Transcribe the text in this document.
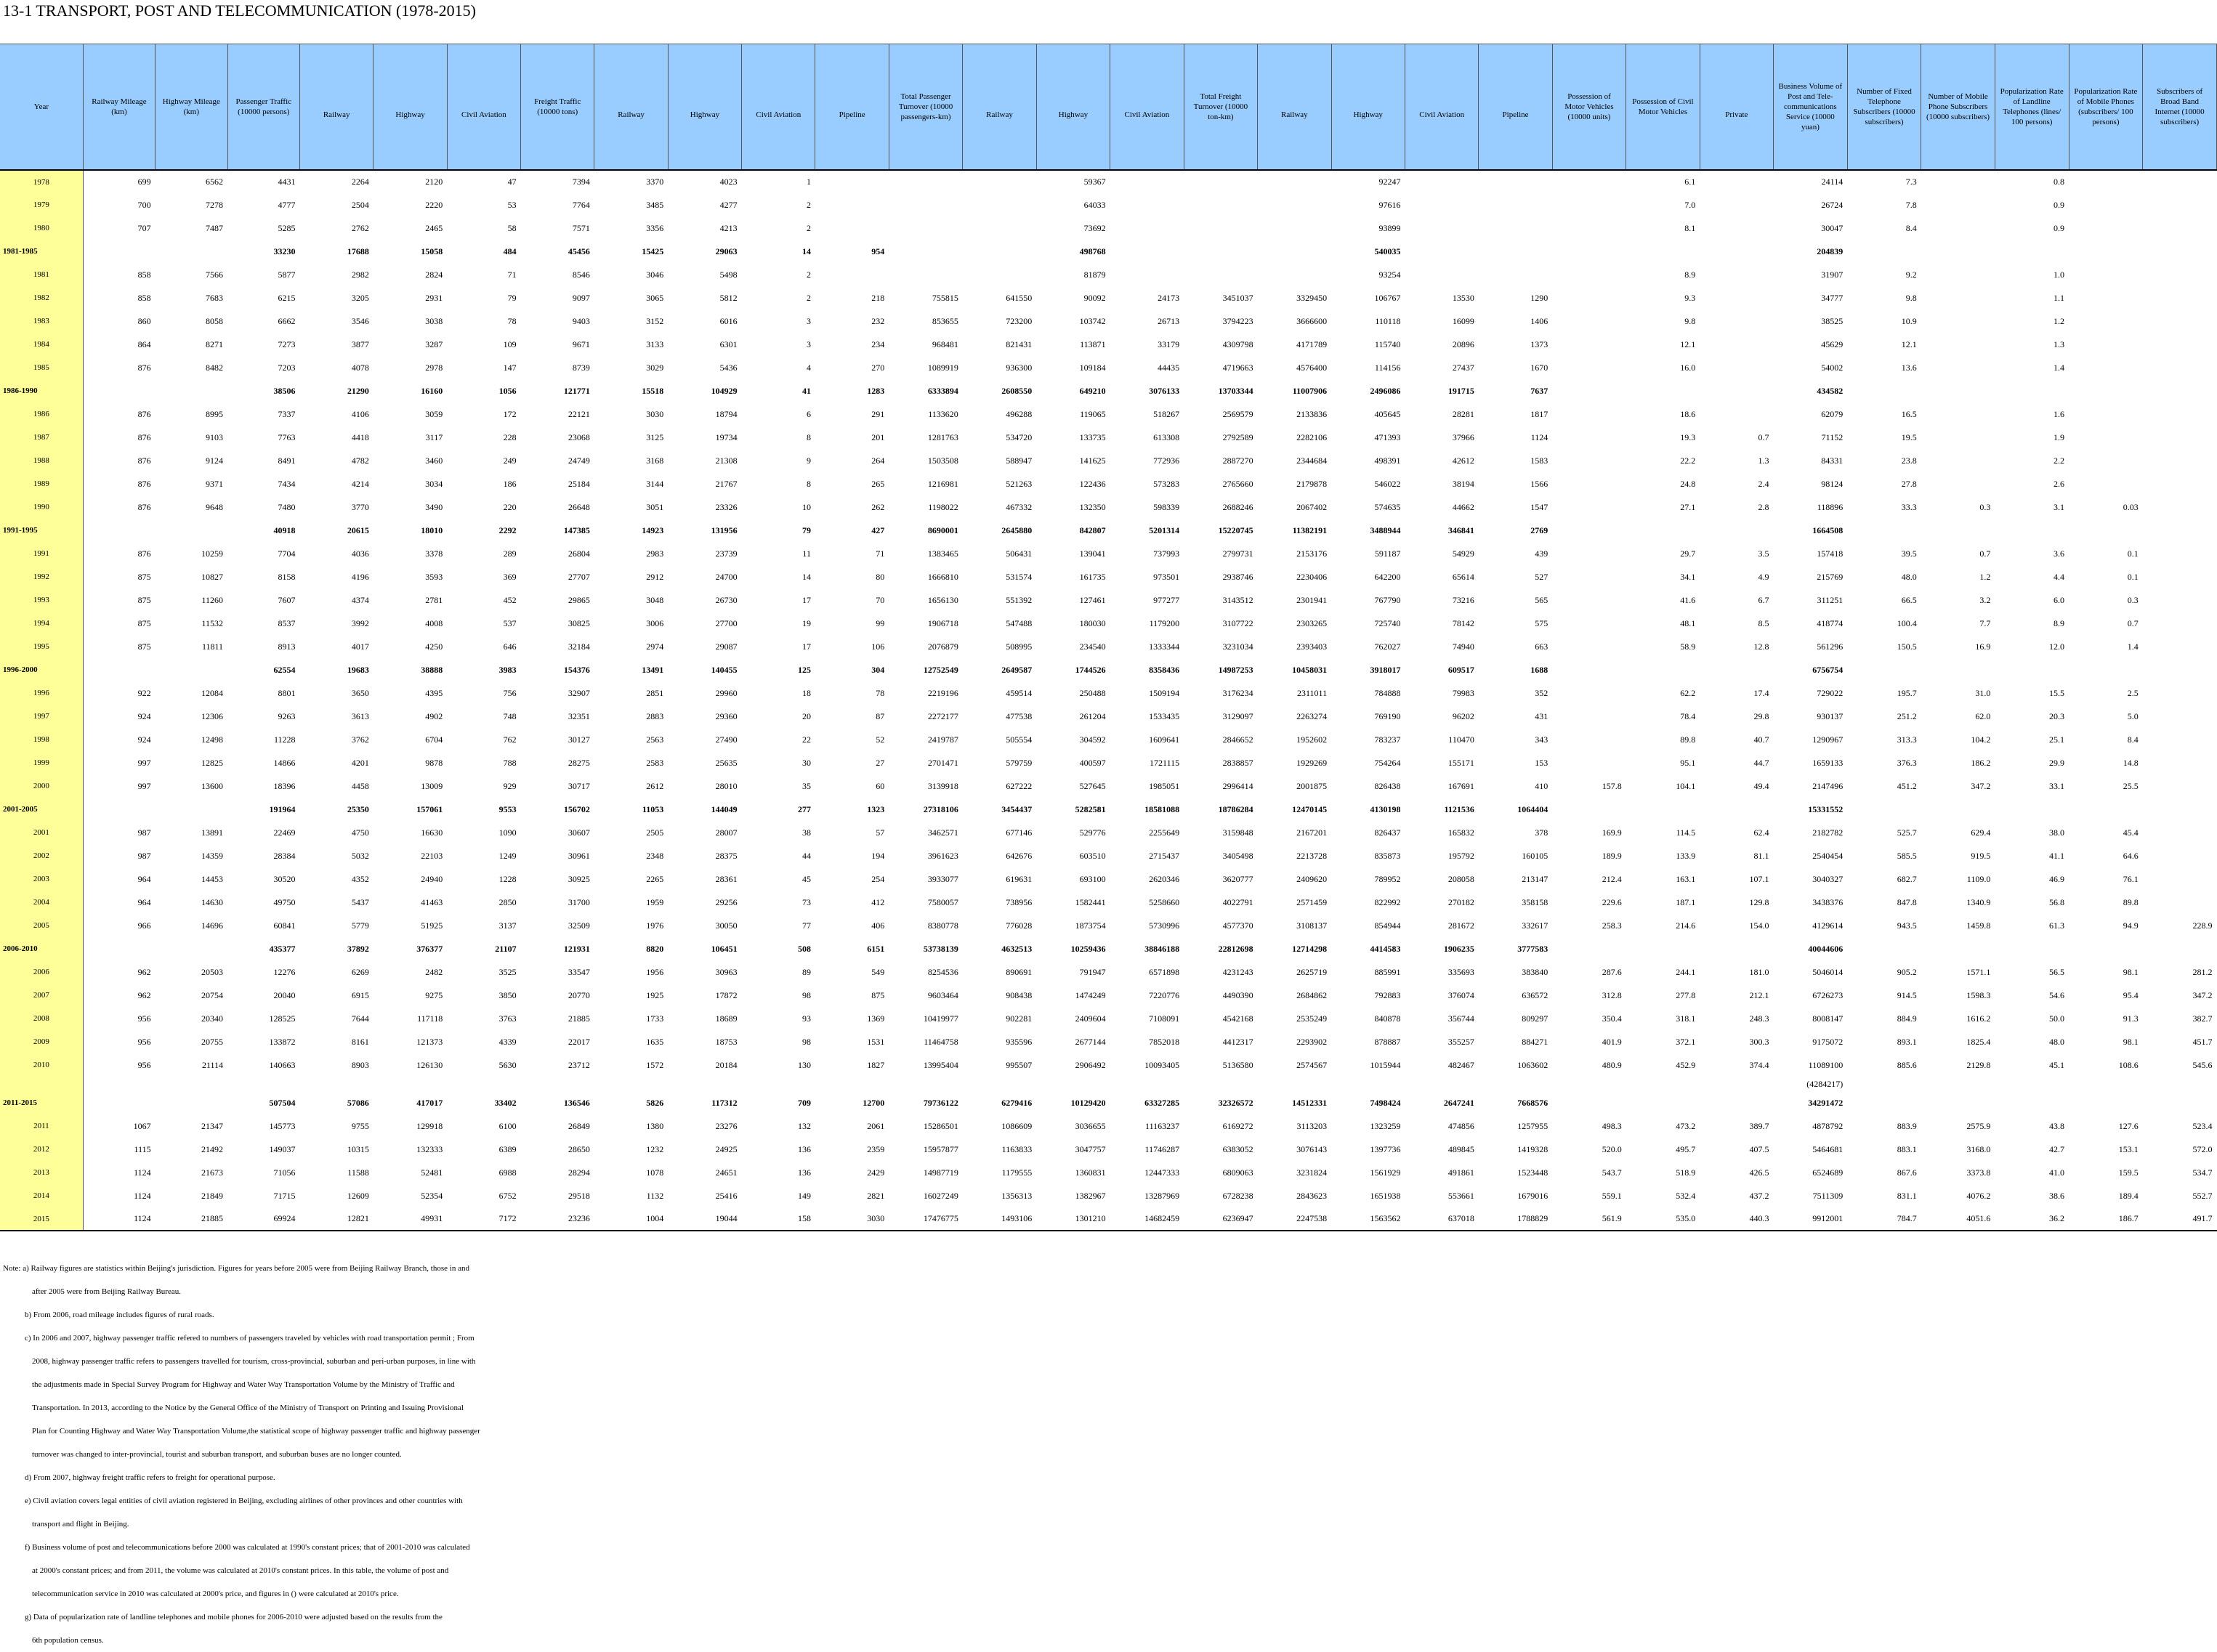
13-1 TRANSPORT, POST AND TELECOMMUNICATION (1978-2015)
Year	Railway Mileage (km)	Highway Mileage (km)	Passenger Traffic (10000 persons)				Freight Traffic (10000 tons)					Total Passenger Turnover (10000 passengers-km)				Total Freight Turnover (10000 ton-km)					Possession of Motor Vehicles (10000 units)	Possession of Civil Motor Vehicles		Business Volume of Post and Tele-communications Service (10000 yuan)	Number of Fixed Telephone Subscribers (10000 subscribers)	Number of Mobile Phone Subscribers (10000 subscribers)	Popularization Rate of Landline Telephones (lines/ 100 persons)	Popularization Rate of Mobile Phones (subscribers/ 100 persons)	Subscribers of Broad Band Internet (10000 subscribers)
				Railway	Highway	Civil Aviation		Railway	Highway	Civil Aviation	Pipeline		Railway	Highway	Civil Aviation		Railway	Highway	Civil Aviation	Pipeline			Private						
1978	699	6562	4431	2264	2120	47	7394	3370	4023	1				59367				92247				6.1		24114	7.3		0.8		
1979	700	7278	4777	2504	2220	53	7764	3485	4277	2				64033				97616				7.0		26724	7.8		0.9		
1980	707	7487	5285	2762	2465	58	7571	3356	4213	2				73692				93899				8.1		30047	8.4		0.9		
1981-1985			33230	17688	15058	484	45456	15425	29063	14	954			498768				540035						204839					
1981	858	7566	5877	2982	2824	71	8546	3046	5498	2				81879				93254				8.9		31907	9.2		1.0		
1982	858	7683	6215	3205	2931	79	9097	3065	5812	2	218	755815	641550	90092	24173	3451037	3329450	106767	13530	1290		9.3		34777	9.8		1.1		
1983	860	8058	6662	3546	3038	78	9403	3152	6016	3	232	853655	723200	103742	26713	3794223	3666600	110118	16099	1406		9.8		38525	10.9		1.2		
1984	864	8271	7273	3877	3287	109	9671	3133	6301	3	234	968481	821431	113871	33179	4309798	4171789	115740	20896	1373		12.1		45629	12.1		1.3		
1985	876	8482	7203	4078	2978	147	8739	3029	5436	4	270	1089919	936300	109184	44435	4719663	4576400	114156	27437	1670		16.0		54002	13.6		1.4		
1986-1990			38506	21290	16160	1056	121771	15518	104929	41	1283	6333894	2608550	649210	3076133	13703344	11007906	2496086	191715	7637				434582					
1986	876	8995	7337	4106	3059	172	22121	3030	18794	6	291	1133620	496288	119065	518267	2569579	2133836	405645	28281	1817		18.6		62079	16.5		1.6		
1987	876	9103	7763	4418	3117	228	23068	3125	19734	8	201	1281763	534720	133735	613308	2792589	2282106	471393	37966	1124		19.3	0.7	71152	19.5		1.9		
1988	876	9124	8491	4782	3460	249	24749	3168	21308	9	264	1503508	588947	141625	772936	2887270	2344684	498391	42612	1583		22.2	1.3	84331	23.8		2.2		
1989	876	9371	7434	4214	3034	186	25184	3144	21767	8	265	1216981	521263	122436	573283	2765660	2179878	546022	38194	1566		24.8	2.4	98124	27.8		2.6		
1990	876	9648	7480	3770	3490	220	26648	3051	23326	10	262	1198022	467332	132350	598339	2688246	2067402	574635	44662	1547		27.1	2.8	118896	33.3	0.3	3.1	0.03	
1991-1995			40918	20615	18010	2292	147385	14923	131956	79	427	8690001	2645880	842807	5201314	15220745	11382191	3488944	346841	2769				1664508					
1991	876	10259	7704	4036	3378	289	26804	2983	23739	11	71	1383465	506431	139041	737993	2799731	2153176	591187	54929	439		29.7	3.5	157418	39.5	0.7	3.6	0.1	
1992	875	10827	8158	4196	3593	369	27707	2912	24700	14	80	1666810	531574	161735	973501	2938746	2230406	642200	65614	527		34.1	4.9	215769	48.0	1.2	4.4	0.1	
1993	875	11260	7607	4374	2781	452	29865	3048	26730	17	70	1656130	551392	127461	977277	3143512	2301941	767790	73216	565		41.6	6.7	311251	66.5	3.2	6.0	0.3	
1994	875	11532	8537	3992	4008	537	30825	3006	27700	19	99	1906718	547488	180030	1179200	3107722	2303265	725740	78142	575		48.1	8.5	418774	100.4	7.7	8.9	0.7	
1995	875	11811	8913	4017	4250	646	32184	2974	29087	17	106	2076879	508995	234540	1333344	3231034	2393403	762027	74940	663		58.9	12.8	561296	150.5	16.9	12.0	1.4	
1996-2000			62554	19683	38888	3983	154376	13491	140455	125	304	12752549	2649587	1744526	8358436	14987253	10458031	3918017	609517	1688				6756754					
1996	922	12084	8801	3650	4395	756	32907	2851	29960	18	78	2219196	459514	250488	1509194	3176234	2311011	784888	79983	352		62.2	17.4	729022	195.7	31.0	15.5	2.5	
1997	924	12306	9263	3613	4902	748	32351	2883	29360	20	87	2272177	477538	261204	1533435	3129097	2263274	769190	96202	431		78.4	29.8	930137	251.2	62.0	20.3	5.0	
1998	924	12498	11228	3762	6704	762	30127	2563	27490	22	52	2419787	505554	304592	1609641	2846652	1952602	783237	110470	343		89.8	40.7	1290967	313.3	104.2	25.1	8.4	
1999	997	12825	14866	4201	9878	788	28275	2583	25635	30	27	2701471	579759	400597	1721115	2838857	1929269	754264	155171	153		95.1	44.7	1659133	376.3	186.2	29.9	14.8	
2000	997	13600	18396	4458	13009	929	30717	2612	28010	35	60	3139918	627222	527645	1985051	2996414	2001875	826438	167691	410	157.8	104.1	49.4	2147496	451.2	347.2	33.1	25.5	
2001-2005			191964	25350	157061	9553	156702	11053	144049	277	1323	27318106	3454437	5282581	18581088	18786284	12470145	4130198	1121536	1064404				15331552					
2001	987	13891	22469	4750	16630	1090	30607	2505	28007	38	57	3462571	677146	529776	2255649	3159848	2167201	826437	165832	378	169.9	114.5	62.4	2182782	525.7	629.4	38.0	45.4	
2002	987	14359	28384	5032	22103	1249	30961	2348	28375	44	194	3961623	642676	603510	2715437	3405498	2213728	835873	195792	160105	189.9	133.9	81.1	2540454	585.5	919.5	41.1	64.6	
2003	964	14453	30520	4352	24940	1228	30925	2265	28361	45	254	3933077	619631	693100	2620346	3620777	2409620	789952	208058	213147	212.4	163.1	107.1	3040327	682.7	1109.0	46.9	76.1	
2004	964	14630	49750	5437	41463	2850	31700	1959	29256	73	412	7580057	738956	1582441	5258660	4022791	2571459	822992	270182	358158	229.6	187.1	129.8	3438376	847.8	1340.9	56.8	89.8	
2005	966	14696	60841	5779	51925	3137	32509	1976	30050	77	406	8380778	776028	1873754	5730996	4577370	3108137	854944	281672	332617	258.3	214.6	154.0	4129614	943.5	1459.8	61.3	94.9	228.9
2006-2010			435377	37892	376377	21107	121931	8820	106451	508	6151	53738139	4632513	10259436	38846188	22812698	12714298	4414583	1906235	3777583				40044606					
2006	962	20503	12276	6269	2482	3525	33547	1956	30963	89	549	8254536	890691	791947	6571898	4231243	2625719	885991	335693	383840	287.6	244.1	181.0	5046014	905.2	1571.1	56.5	98.1	281.2
2007	962	20754	20040	6915	9275	3850	20770	1925	17872	98	875	9603464	908438	1474249	7220776	4490390	2684862	792883	376074	636572	312.8	277.8	212.1	6726273	914.5	1598.3	54.6	95.4	347.2
2008	956	20340	128525	7644	117118	3763	21885	1733	18689	93	1369	10419977	902281	2409604	7108091	4542168	2535249	840878	356744	809297	350.4	318.1	248.3	8008147	884.9	1616.2	50.0	91.3	382.7
2009	956	20755	133872	8161	121373	4339	22017	1635	18753	98	1531	11464758	935596	2677144	7852018	4412317	2293902	878887	355257	884271	401.9	372.1	300.3	9175072	893.1	1825.4	48.0	98.1	451.7
2010	956	21114	140663	8903	126130	5630	23712	1572	20184	130	1827	13995404	995507	2906492	10093405	5136580	2574567	1015944	482467	1063602	480.9	452.9	374.4	11089100	885.6	2129.8	45.1	108.6	545.6
																								(4284217)					
2011-2015			507504	57086	417017	33402	136546	5826	117312	709	12700	79736122	6279416	10129420	63327285	32326572	14512331	7498424	2647241	7668576				34291472					
2011	1067	21347	145773	9755	129918	6100	26849	1380	23276	132	2061	15286501	1086609	3036655	11163237	6169272	3113203	1323259	474856	1257955	498.3	473.2	389.7	4878792	883.9	2575.9	43.8	127.6	523.4
2012	1115	21492	149037	10315	132333	6389	28650	1232	24925	136	2359	15957877	1163833	3047757	11746287	6383052	3076143	1397736	489845	1419328	520.0	495.7	407.5	5464681	883.1	3168.0	42.7	153.1	572.0
2013	1124	21673	71056	11588	52481	6988	28294	1078	24651	136	2429	14987719	1179555	1360831	12447333	6809063	3231824	1561929	491861	1523448	543.7	518.9	426.5	6524689	867.6	3373.8	41.0	159.5	534.7
2014	1124	21849	71715	12609	52354	6752	29518	1132	25416	149	2821	16027249	1356313	1382967	13287969	6728238	2843623	1651938	553661	1679016	559.1	532.4	437.2	7511309	831.1	4076.2	38.6	189.4	552.7
2015	1124	21885	69924	12821	49931	7172	23236	1004	19044	158	3030	17476775	1493106	1301210	14682459	6236947	2247538	1563562	637018	1788829	561.9	535.0	440.3	9912001	784.7	4051.6	36.2	186.7	491.7
Note: a) Railway figures are statistics within Beijing's jurisdiction. Figures for years before 2005 were from Beijing Railway Branch, those in and
after 2005 were from Beijing Railway Bureau.
b) From 2006, road mileage includes figures of rural roads.
c) In 2006 and 2007, highway passenger traffic refered to numbers of passengers traveled by vehicles with road transportation permit ; From
2008, highway passenger traffic refers to passengers travelled for tourism, cross-provincial, suburban and peri-urban purposes, in line with
the adjustments made in Special Survey Program for Highway and Water Way Transportation Volume by the Ministry of Traffic and
Transportation. In 2013, according to the Notice by the General Office of the Ministry of Transport on Printing and Issuing Provisional
Plan for Counting Highway and Water Way Transportation Volume,the statistical scope of highway passenger traffic and highway passenger
turnover was changed to inter-provincial, tourist and suburban transport, and suburban buses are no longer counted.
d) From 2007, highway freight traffic refers to freight for operational purpose.
e) Civil aviation covers legal entities of civil aviation registered in Beijing, excluding airlines of other provinces and other countries with
transport and flight in Beijing.
f) Business volume of post and telecommunications before 2000 was calculated at 1990's constant prices; that of 2001-2010 was calculated
at 2000's constant prices; and from 2011, the volume was calculated at 2010's constant prices. In this table, the volume of post and
telecommunication service in 2010 was calculated at 2000's price, and figures in () were calculated at 2010's price.
g) Data of popularization rate of landline telephones and mobile phones for 2006-2010 were adjusted based on the results from the
6th population census.
